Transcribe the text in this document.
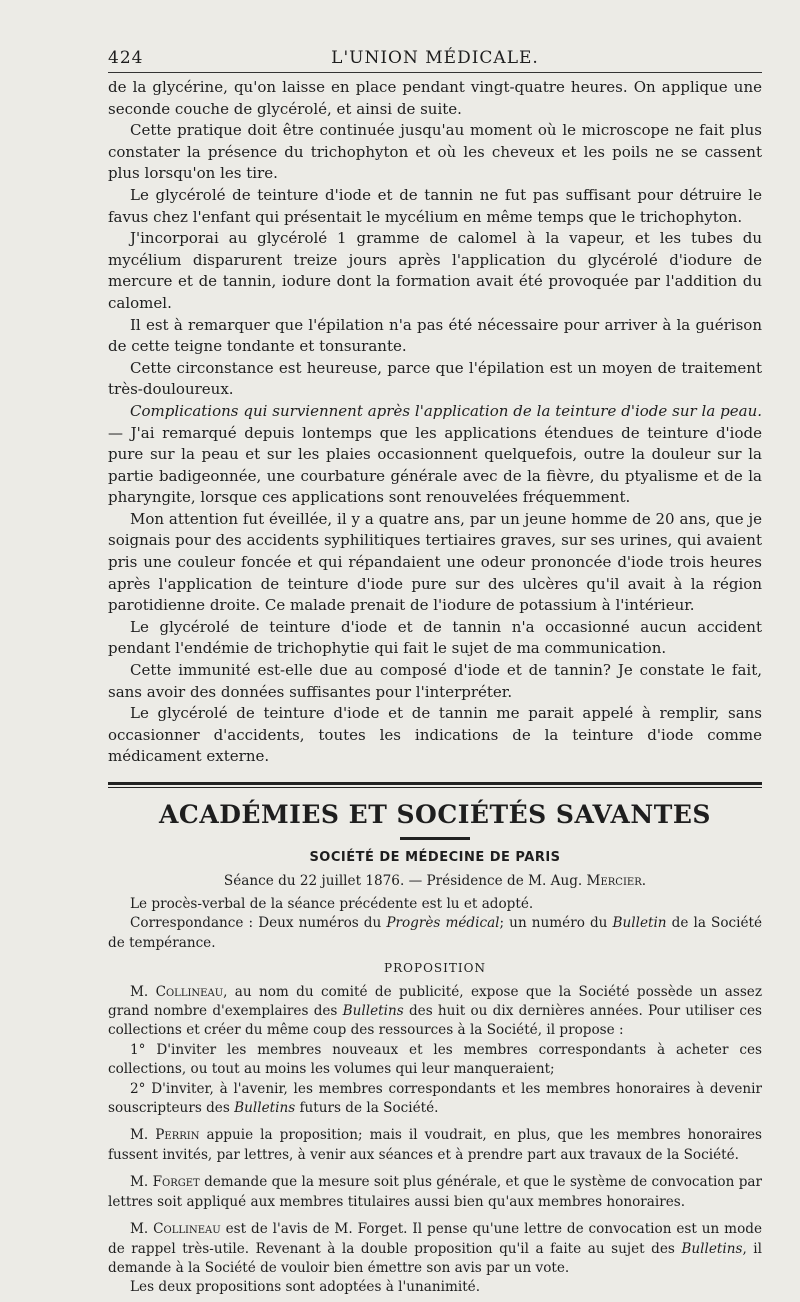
424	L'UNION MÉDICALE.

de la glycérine, qu'on laisse en place pendant vingt-quatre heures. On applique une seconde couche de glycérolé, et ainsi de suite.

Cette pratique doit être continuée jusqu'au moment où le microscope ne fait plus constater la présence du trichophyton et où les cheveux et les poils ne se cassent plus lorsqu'on les tire.

Le glycérolé de teinture d'iode et de tannin ne fut pas suffisant pour détruire le favus chez l'enfant qui présentait le mycélium en même temps que le trichophyton.

J'incorporai au glycérolé 1 gramme de calomel à la vapeur, et les tubes du mycélium disparurent treize jours après l'application du glycérolé d'iodure de mercure et de tannin, iodure dont la formation avait été provoquée par l'addition du calomel.

Il est à remarquer que l'épilation n'a pas été nécessaire pour arriver à la guérison de cette teigne tondante et tonsurante.

Cette circonstance est heureuse, parce que l'épilation est un moyen de traitement très-douloureux.

Complications qui surviennent après l'application de la teinture d'iode sur la peau. — J'ai remarqué depuis lontemps que les applications étendues de teinture d'iode pure sur la peau et sur les plaies occasionnent quelquefois, outre la douleur sur la partie badigeonnée, une courbature générale avec de la fièvre, du ptyalisme et de la pharyngite, lorsque ces applications sont renouvelées fréquemment.

Mon attention fut éveillée, il y a quatre ans, par un jeune homme de 20 ans, que je soignais pour des accidents syphilitiques tertiaires graves, sur ses urines, qui avaient pris une couleur foncée et qui répandaient une odeur prononcée d'iode trois heures après l'application de teinture d'iode pure sur des ulcères qu'il avait à la région parotidienne droite. Ce malade prenait de l'iodure de potassium à l'intérieur.

Le glycérolé de teinture d'iode et de tannin n'a occasionné aucun accident pendant l'endémie de trichophytie qui fait le sujet de ma communication.

Cette immunité est-elle due au composé d'iode et de tannin? Je constate le fait, sans avoir des données suffisantes pour l'interpréter.

Le glycérolé de teinture d'iode et de tannin me parait appelé à remplir, sans occasionner d'accidents, toutes les indications de la teinture d'iode comme médicament externe.

ACADÉMIES ET SOCIÉTÉS SAVANTES
SOCIÉTÉ DE MÉDECINE DE PARIS
Séance du 22 juillet 1876. — Présidence de M. Aug. Mercier.

Le procès-verbal de la séance précédente est lu et adopté.

Correspondance : Deux numéros du Progrès médical; un numéro du Bulletin de la Société de tempérance.

PROPOSITION

M. Collineau, au nom du comité de publicité, expose que la Société possède un assez grand nombre d'exemplaires des Bulletins des huit ou dix dernières années. Pour utiliser ces collections et créer du même coup des ressources à la Société, il propose :

1° D'inviter les membres nouveaux et les membres correspondants à acheter ces collections, ou tout au moins les volumes qui leur manqueraient;

2° D'inviter, à l'avenir, les membres correspondants et les membres honoraires à devenir souscripteurs des Bulletins futurs de la Société.

M. Perrin appuie la proposition; mais il voudrait, en plus, que les membres honoraires fussent invités, par lettres, à venir aux séances et à prendre part aux travaux de la Société.

M. Forget demande que la mesure soit plus générale, et que le système de convocation par lettres soit appliqué aux membres titulaires aussi bien qu'aux membres honoraires.

M. Collineau est de l'avis de M. Forget. Il pense qu'une lettre de convocation est un mode de rappel très-utile. Revenant à la double proposition qu'il a faite au sujet des Bulletins, il demande à la Société de vouloir bien émettre son avis par un vote.

Les deux propositions sont adoptées à l'unanimité.
